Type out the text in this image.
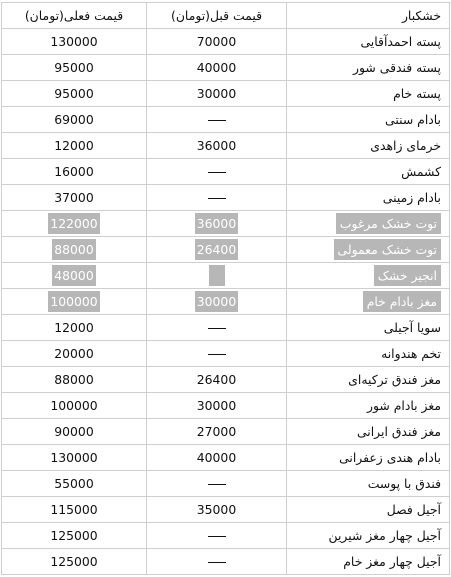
خشکبار	قیمت قبل(تومان)	قیمت فعلی(تومان)
پسته احمدآقایی	70000	130000
پسته فندقی شور	40000	95000
پسته خام	30000	95000
بادام سنتی		69000
خرمای زاهدی	36000	12000
کشمش		16000
بادام زمینی		37000
توت خشک مرغوب	36000	122000
توت خشک معمولی	26400	88000
انجیر خشک		48000
مغز بادام خام	30000	100000
سویا آجیلی		12000
تخم هندوانه		20000
مغز فندق ترکیه‌ای	26400	88000
مغز بادام شور	30000	100000
مغز فندق ایرانی	27000	90000
بادام هندی زعفرانی	40000	130000
فندق با پوست		55000
آجیل فصل	35000	115000
آجیل چهار مغز شیرین		125000
آجیل چهار مغز خام		125000
